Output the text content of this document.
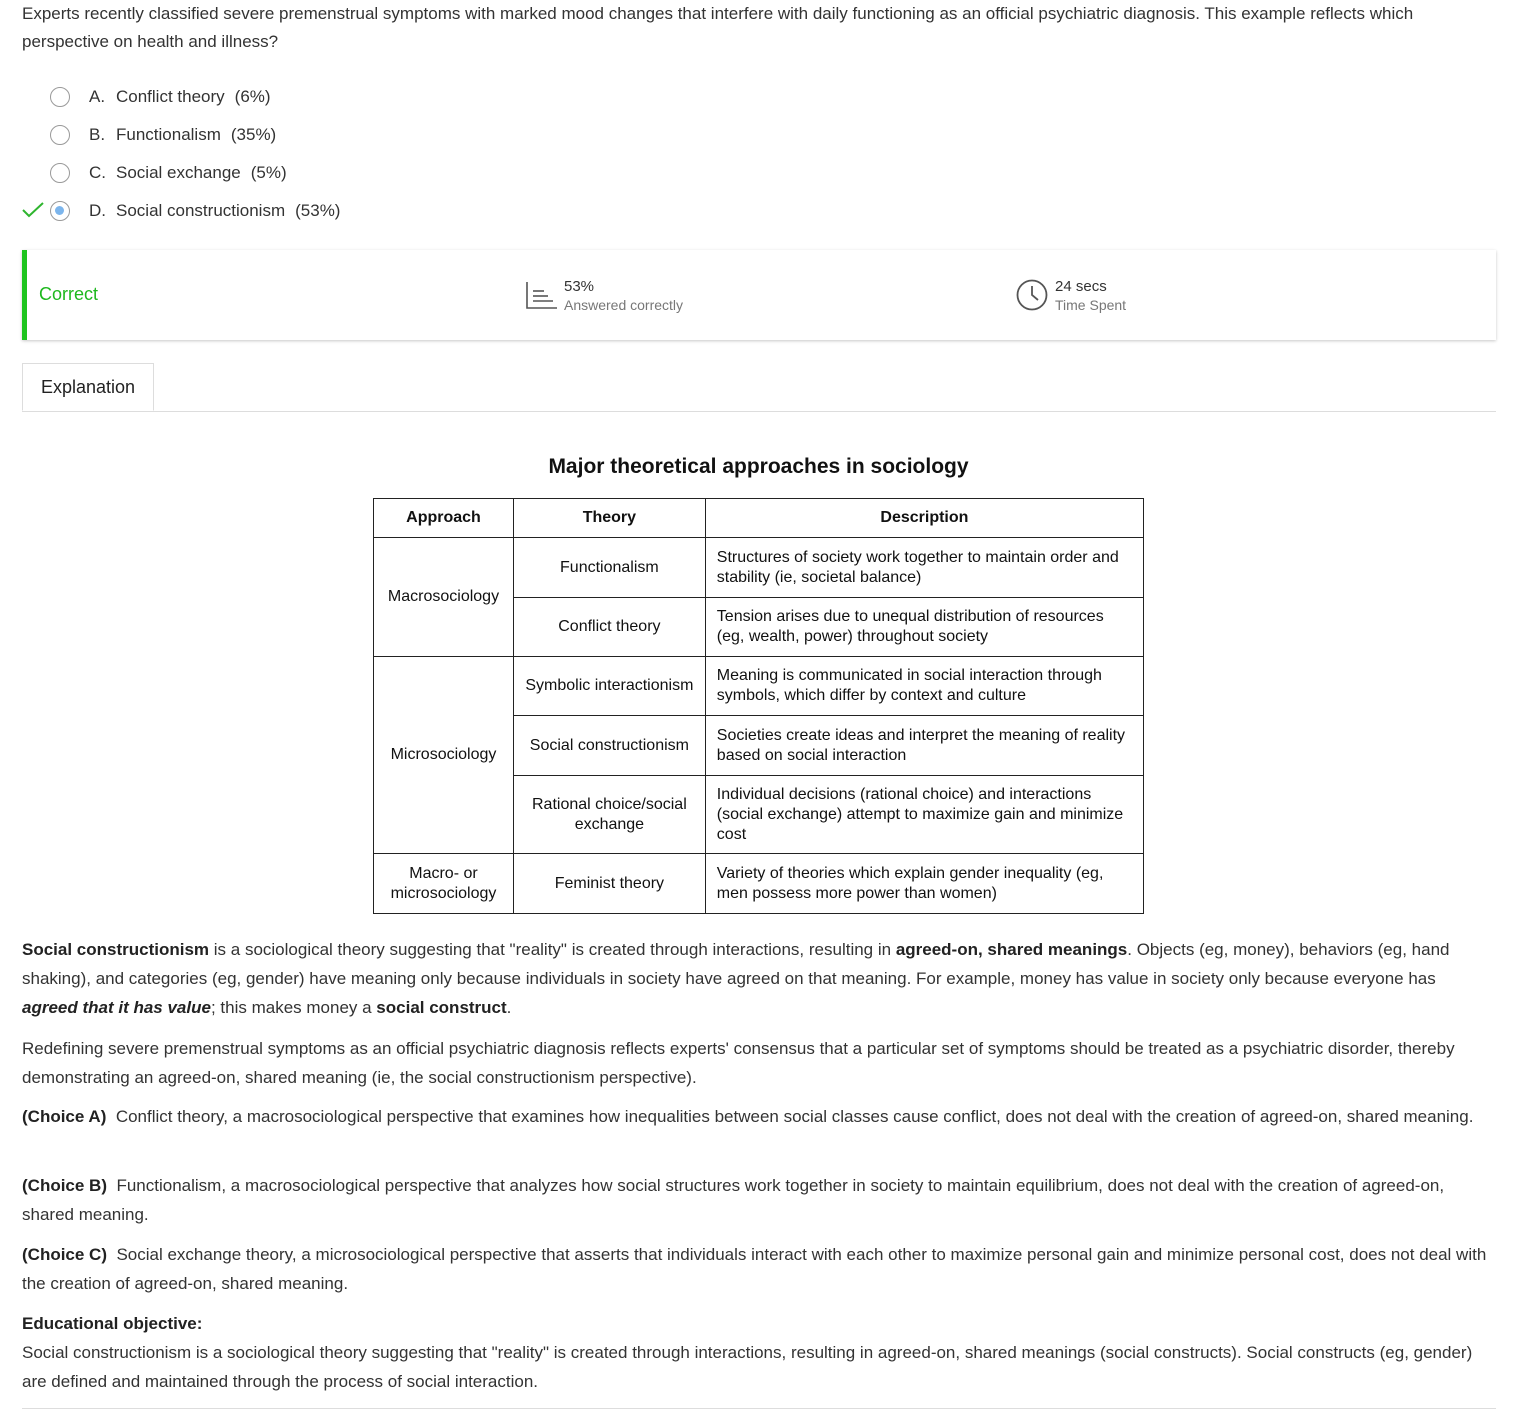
Experts recently classified severe premenstrual symptoms with marked mood changes that interfere with daily functioning as an official psychiatric diagnosis. This example reflects which perspective on health and illness?
A. Conflict theory (6%)
B. Functionalism (35%)
C. Social exchange (5%)
D. Social constructionism (53%)
Correct	53%
Answered correctly
24 secs
Time Spent
Explanation
Major theoretical approaches in sociology
Approach	Theory	Description
Macrosociology	Functionalism	Structures of society work together to maintain order and stability (ie, societal balance)
	Conflict theory	Tension arises due to unequal distribution of resources (eg, wealth, power) throughout society
Microsociology	Symbolic interactionism	Meaning is communicated in social interaction through symbols, which differ by context and culture
	Social constructionism	Societies create ideas and interpret the meaning of reality based on social interaction
	Rational choice/social exchange	Individual decisions (rational choice) and interactions (social exchange) attempt to maximize gain and minimize cost
Macro- or microsociology	Feminist theory	Variety of theories which explain gender inequality (eg, men possess more power than women)
Social constructionism is a sociological theory suggesting that "reality" is created through interactions, resulting in agreed-on, shared meanings. Objects (eg, money), behaviors (eg, hand shaking), and categories (eg, gender) have meaning only because individuals in society have agreed on that meaning. For example, money has value in society only because everyone has agreed that it has value; this makes money a social construct.
Redefining severe premenstrual symptoms as an official psychiatric diagnosis reflects experts' consensus that a particular set of symptoms should be treated as a psychiatric disorder, thereby demonstrating an agreed-on, shared meaning (ie, the social constructionism perspective).
(Choice A) Conflict theory, a macrosociological perspective that examines how inequalities between social classes cause conflict, does not deal with the creation of agreed-on, shared meaning.
(Choice B) Functionalism, a macrosociological perspective that analyzes how social structures work together in society to maintain equilibrium, does not deal with the creation of agreed-on, shared meaning.
(Choice C) Social exchange theory, a microsociological perspective that asserts that individuals interact with each other to maximize personal gain and minimize personal cost, does not deal with the creation of agreed-on, shared meaning.
Educational objective:
Social constructionism is a sociological theory suggesting that "reality" is created through interactions, resulting in agreed-on, shared meanings (social constructs). Social constructs (eg, gender) are defined and maintained through the process of social interaction.
